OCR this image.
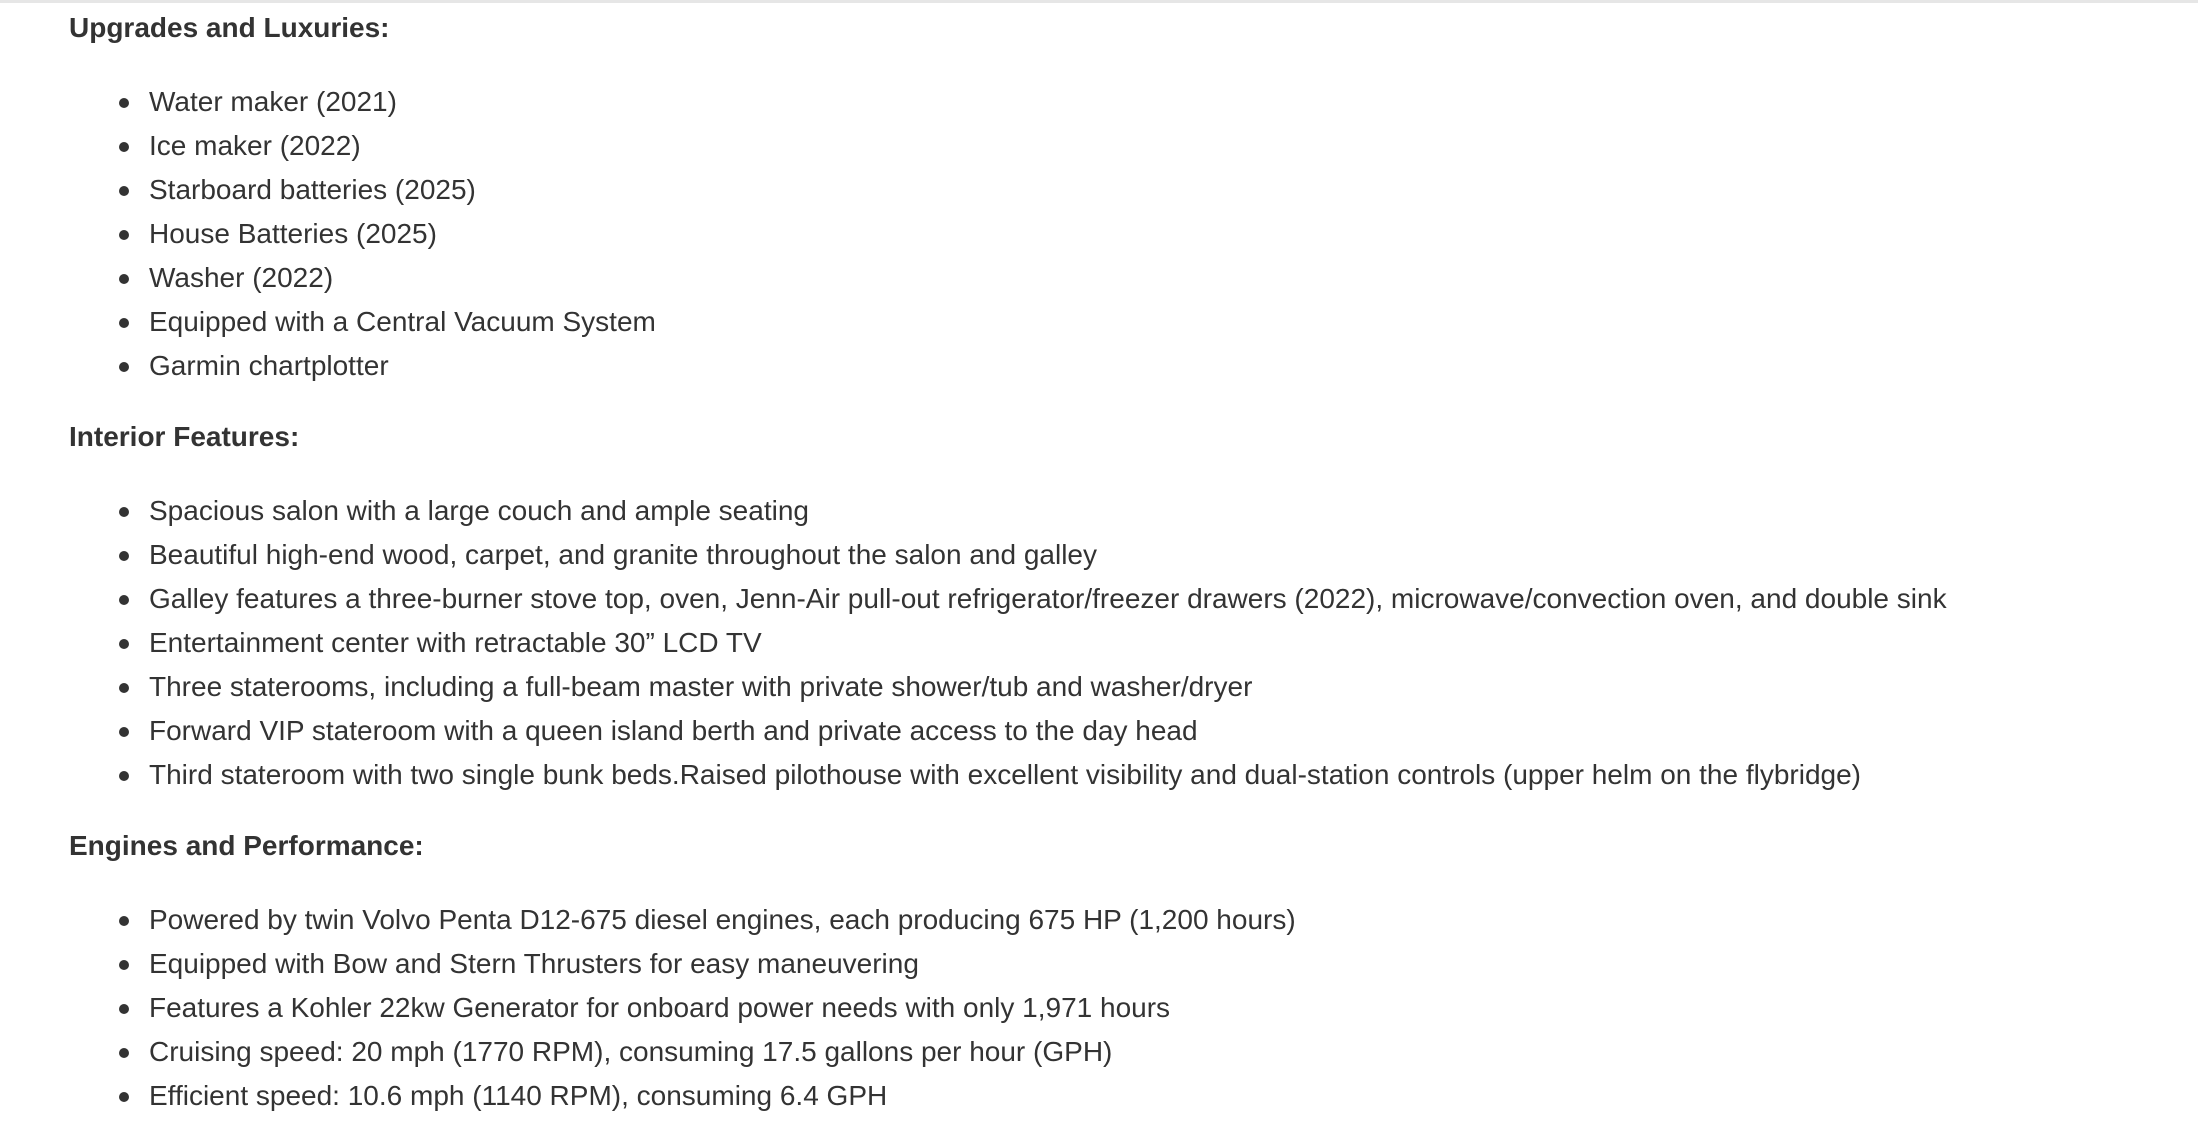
Upgrades and Luxuries:

Water maker (2021)
Ice maker (2022)
Starboard batteries (2025)
House Batteries (2025)
Washer (2022)
Equipped with a Central Vacuum System
Garmin chartplotter

Interior Features:

Spacious salon with a large couch and ample seating
Beautiful high-end wood, carpet, and granite throughout the salon and galley
Galley features a three-burner stove top, oven, Jenn-Air pull-out refrigerator/freezer drawers (2022), microwave/convection oven, and double sink
Entertainment center with retractable 30” LCD TV
Three staterooms, including a full-beam master with private shower/tub and washer/dryer
Forward VIP stateroom with a queen island berth and private access to the day head
Third stateroom with two single bunk beds.Raised pilothouse with excellent visibility and dual-station controls (upper helm on the flybridge)

Engines and Performance:

Powered by twin Volvo Penta D12-675 diesel engines, each producing 675 HP (1,200 hours)
Equipped with Bow and Stern Thrusters for easy maneuvering
Features a Kohler 22kw Generator for onboard power needs with only 1,971 hours
Cruising speed: 20 mph (1770 RPM), consuming 17.5 gallons per hour (GPH)
Efficient speed: 10.6 mph (1140 RPM), consuming 6.4 GPH
